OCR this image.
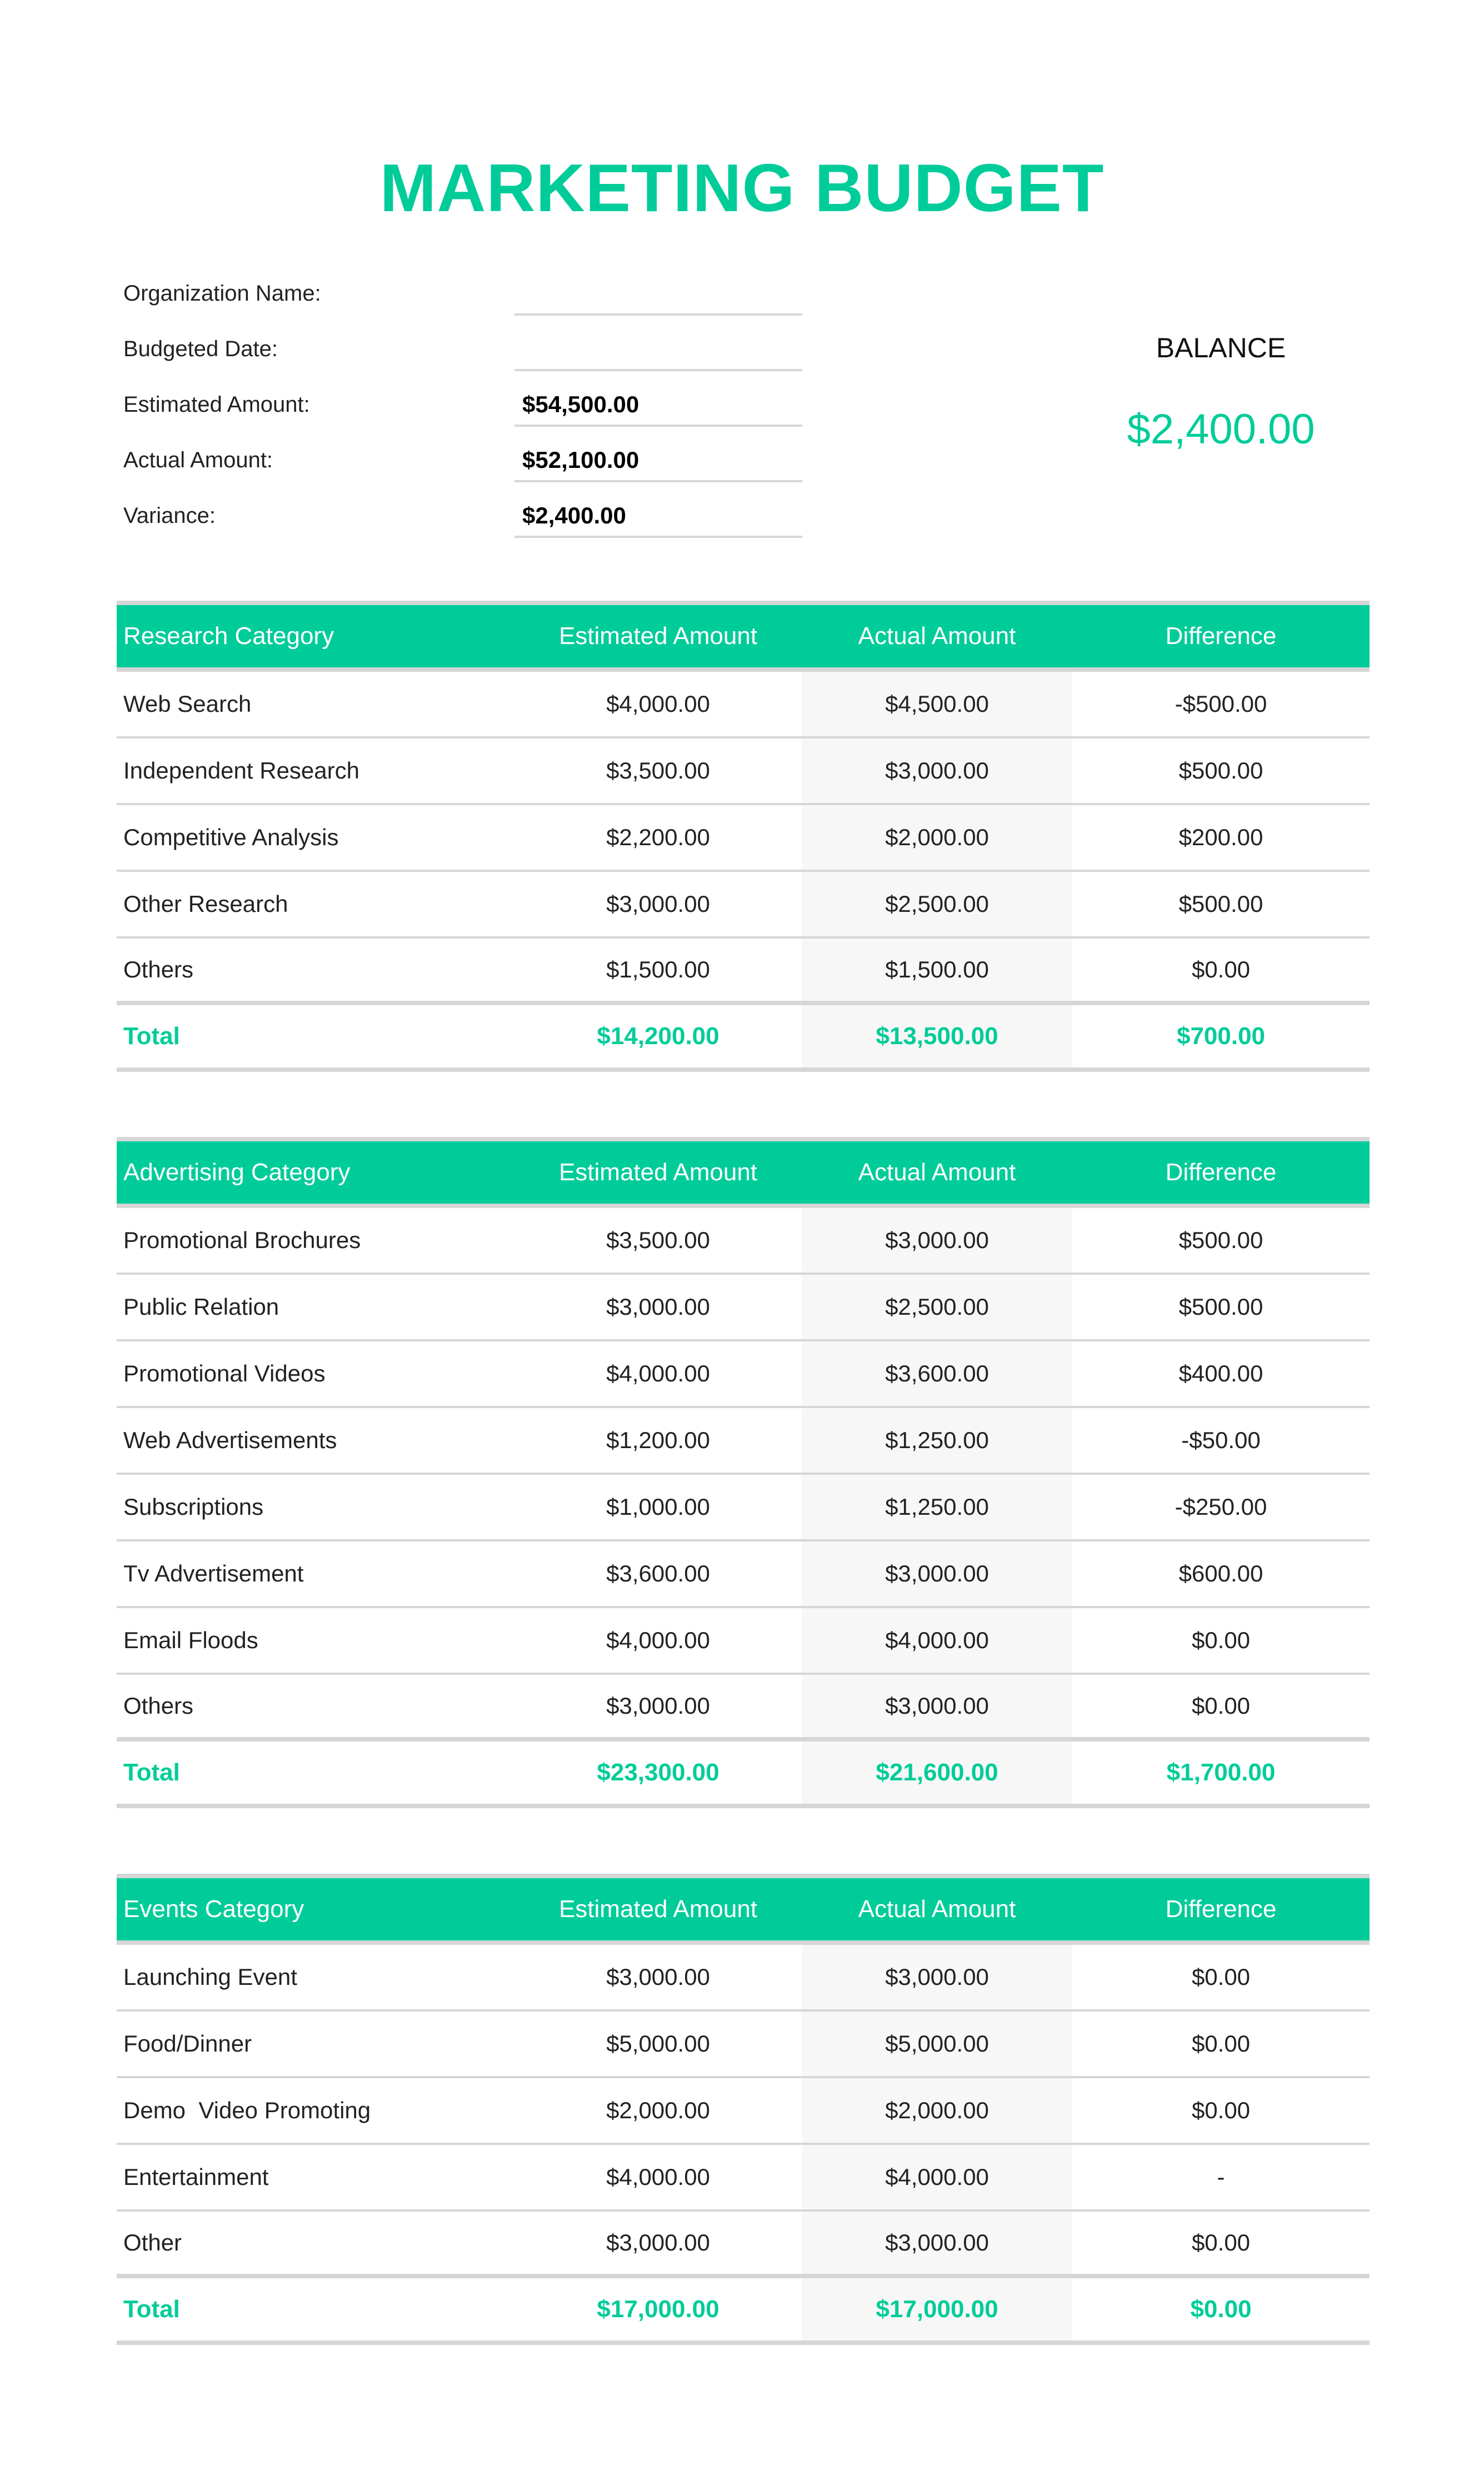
MARKETING BUDGET
Organization Name:
Budgeted Date:
Estimated Amount:	$54,500.00
Actual Amount:	$52,100.00
Variance:	$2,400.00
BALANCE
$2,400.00
Research Category	Estimated Amount	Actual Amount	Difference
Web Search	$4,000.00	$4,500.00	-$500.00
Independent Research	$3,500.00	$3,000.00	$500.00
Competitive Analysis	$2,200.00	$2,000.00	$200.00
Other Research	$3,000.00	$2,500.00	$500.00
Others	$1,500.00	$1,500.00	$0.00
Total	$14,200.00	$13,500.00	$700.00
Advertising Category	Estimated Amount	Actual Amount	Difference
Promotional Brochures	$3,500.00	$3,000.00	$500.00
Public Relation	$3,000.00	$2,500.00	$500.00
Promotional Videos	$4,000.00	$3,600.00	$400.00
Web Advertisements	$1,200.00	$1,250.00	-$50.00
Subscriptions	$1,000.00	$1,250.00	-$250.00
Tv Advertisement	$3,600.00	$3,000.00	$600.00
Email Floods	$4,000.00	$4,000.00	$0.00
Others	$3,000.00	$3,000.00	$0.00
Total	$23,300.00	$21,600.00	$1,700.00
Events Category	Estimated Amount	Actual Amount	Difference
Launching Event	$3,000.00	$3,000.00	$0.00
Food/Dinner	$5,000.00	$5,000.00	$0.00
Demo  Video Promoting	$2,000.00	$2,000.00	$0.00
Entertainment	$4,000.00	$4,000.00	-
Other	$3,000.00	$3,000.00	$0.00
Total	$17,000.00	$17,000.00	$0.00
